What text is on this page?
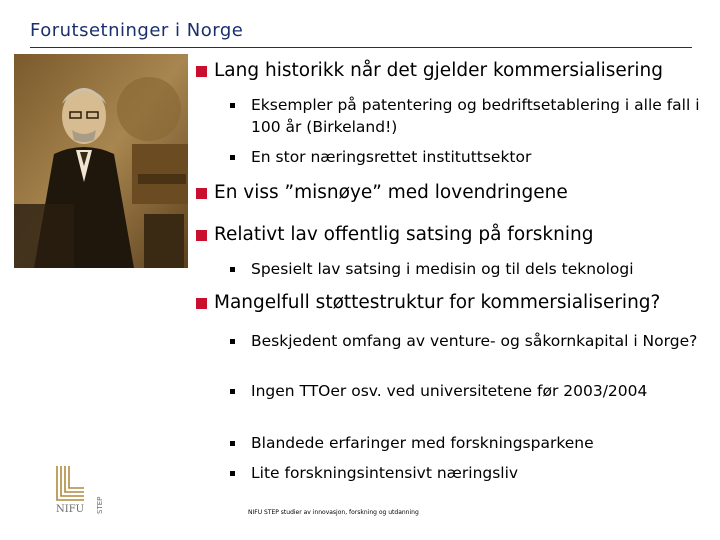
Forutsetninger i Norge
Lang historikk når det gjelder kommersialisering
Eksempler på patentering og bedriftsetablering i alle fall i 100 år (Birkeland!)
En stor næringsrettet instituttsektor
En viss ”misnøye” med lovendringene
Relativt lav offentlig satsing på forskning
Spesielt lav satsing i medisin og til dels teknologi
Mangelfull støttestruktur for kommersialisering?
Beskjedent omfang av venture- og såkornkapital i Norge?
Ingen TTOer osv. ved universitetene før 2003/2004
Blandede erfaringer med forskningsparkene
Lite forskningsintensivt næringsliv
NIFU STEP	NIFU STEP studier av innovasjon, forskning og utdanning
